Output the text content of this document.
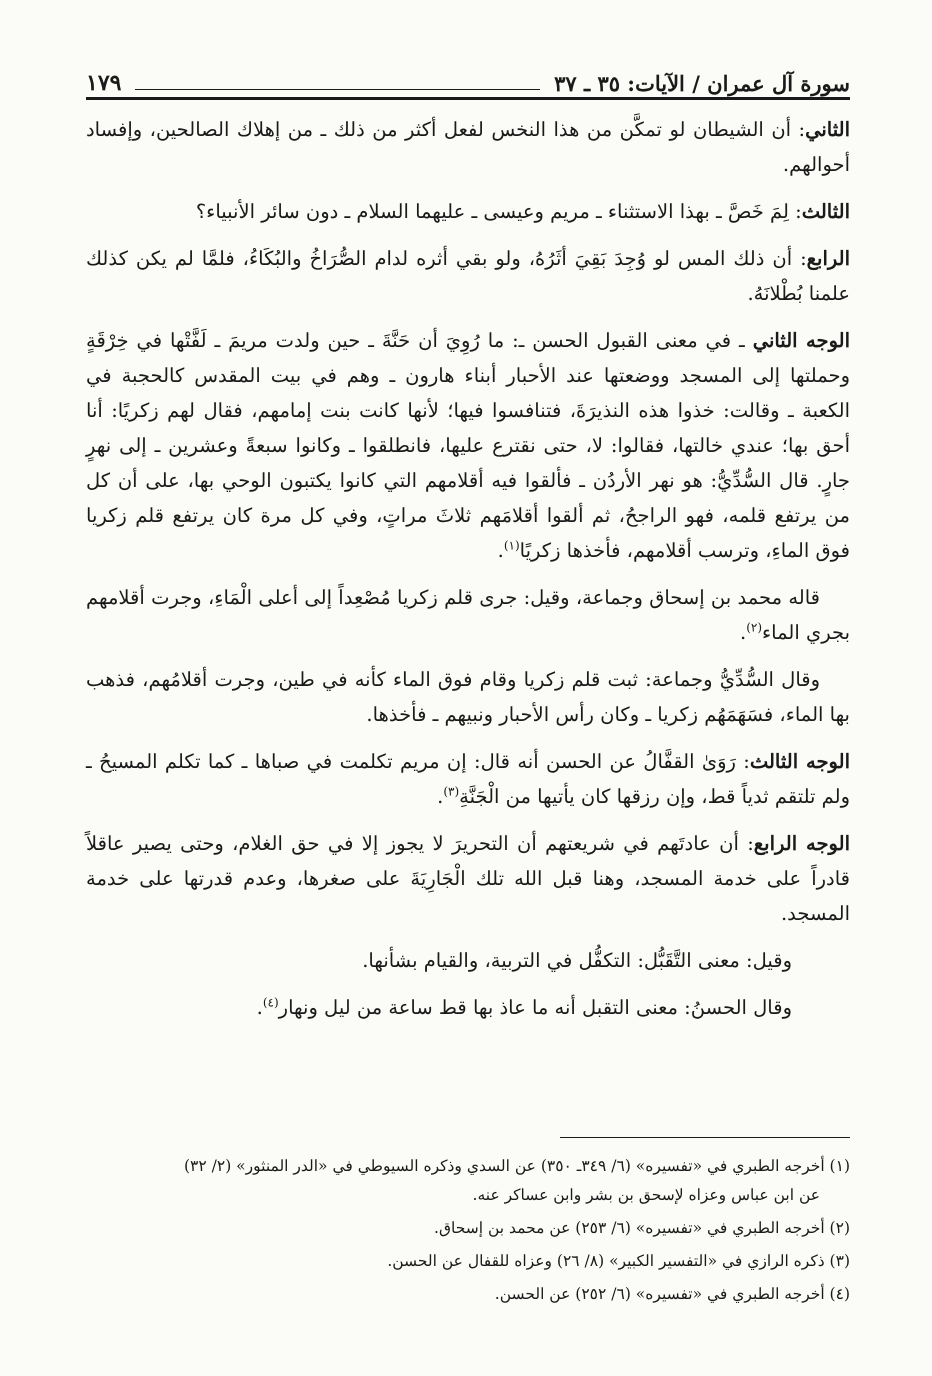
سورة آل عمران / الآيات: ٣٥ ـ ٣٧
١٧٩

الثاني: أن الشيطان لو تمكَّن من هذا النخس لفعل أكثر من ذلك ـ من إهلاك الصالحين، وإفساد أحوالهم.

الثالث: لِمَ خَصَّ ـ بهذا الاستثناء ـ مريم وعيسى ـ عليهما السلام ـ دون سائر الأنبياء؟

الرابع: أن ذلك المس لو وُجِدَ بَقِيَ أثَرُهُ، ولو بقي أثره لدام الصُّرَاخُ والبُكَاءُ، فلمَّا لم يكن كذلك علمنا بُطْلانَهُ.

الوجه الثاني ـ في معنى القبول الحسن ـ: ما رُوِيَ أن حَنَّةَ ـ حين ولدت مريمَ ـ لَفَّتْها في خِرْقَةٍ وحملتها إلى المسجد ووضعتها عند الأحبار أبناء هارون ـ وهم في بيت المقدس كالحجبة في الكعبة ـ وقالت: خذوا هذه النذيرَةَ، فتنافسوا فيها؛ لأنها كانت بنت إمامهم، فقال لهم زكريًا: أنا أحق بها؛ عندي خالتها، فقالوا: لا، حتى نقترع عليها، فانطلقوا ـ وكانوا سبعةً وعشرين ـ إلى نهرٍ جارٍ. قال السُّدِّيُّ: هو نهر الأردُن ـ فألقوا فيه أقلامهم التي كانوا يكتبون الوحي بها، على أن كل من يرتفع قلمه، فهو الراجحُ، ثم ألقوا أقلامَهم ثلاثَ مراتٍ، وفي كل مرة كان يرتفع قلم زكريا فوق الماءِ، وترسب أقلامهم، فأخذها زكريًا$^{(١)}$.

قاله محمد بن إسحاق وجماعة، وقيل: جرى قلم زكريا مُصْعِداً إلى أعلى الْمَاءِ، وجرت أقلامهم بجري الماء$^{(٢)}$.

وقال السُّدِّيُّ وجماعة: ثبت قلم زكريا وقام فوق الماء كأنه في طين، وجرت أقلامُهم، فذهب بها الماء، فسَهَمَهُم زكريا ـ وكان رأس الأحبار ونبيهم ـ فأخذها.

الوجه الثالث: رَوَىٰ القفَّالُ عن الحسن أنه قال: إن مريم تكلمت في صباها ـ كما تكلم المسيحُ ـ ولم تلتقم ثدياً قط، وإن رزقها كان يأتيها من الْجَنَّةِ$^{(٣)}$.

الوجه الرابع: أن عادتَهم في شريعتهم أن التحريرَ لا يجوز إلا في حق الغلام، وحتى يصير عاقلاً قادراً على خدمة المسجد، وهنا قبل الله تلك الْجَارِيَةَ على صغرها، وعدم قدرتها على خدمة المسجد.

وقيل: معنى التَّقَبُّل: التكفُّل في التربية، والقيام بشأنها.

وقال الحسنُ: معنى التقبل أنه ما عاذ بها قط ساعة من ليل ونهار$^{(٤)}$.

(١) أخرجه الطبري في «تفسيره» (٦/ ٣٤٩ـ ٣٥٠) عن السدي وذكره السيوطي في «الدر المنثور» (٢/ ٣٢)
عن ابن عباس وعزاه لإسحق بن بشر وابن عساكر عنه.

(٢) أخرجه الطبري في «تفسيره» (٦/ ٢٥٣) عن محمد بن إسحاق.

(٣) ذكره الرازي في «التفسير الكبير» (٨/ ٢٦) وعزاه للقفال عن الحسن.

(٤) أخرجه الطبري في «تفسيره» (٦/ ٢٥٢) عن الحسن.
